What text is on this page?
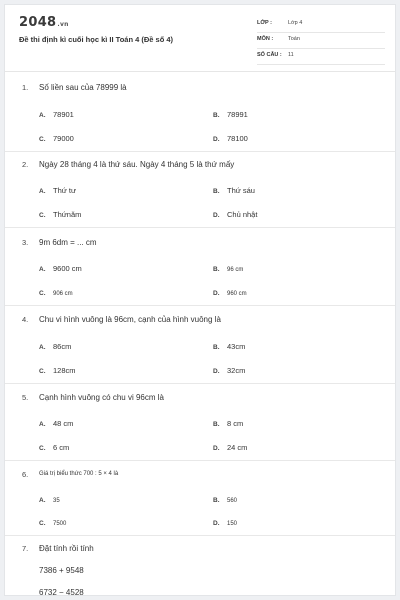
2048.vn
Đề thi định kì cuối học kì II Toán 4 (Đề số 4)
LỚP :	Lớp 4
MÔN :	Toán
SỐ CÂU : 11
1. Số liền sau của 78999 là
A. 78901	B. 78991
C. 79000	D. 78100
2. Ngày 28 tháng 4 là thứ sáu. Ngày 4 tháng 5 là thứ mấy
A. Thứ tư	B. Thứ sáu
C. Thứnăm	D. Chủ nhật
3. 9m 6dm = ... cm
A. 9600 cm	B. 96 cm
C. 906 cm	D. 960 cm
4. Chu vi hình vuông là 96cm, cạnh của hình vuông là
A. 86cm	B. 43cm
C. 128cm	D. 32cm
5. Cạnh hình vuông có chu vi 96cm là
A. 48 cm	B. 8 cm
C. 6 cm	D. 24 cm
6. Giá trị biểu thức 700 : 5 × 4 là
A. 35	B. 560
C. 7500	D. 150
7. Đặt tính rồi tính
7386 + 9548
6732 − 4528
